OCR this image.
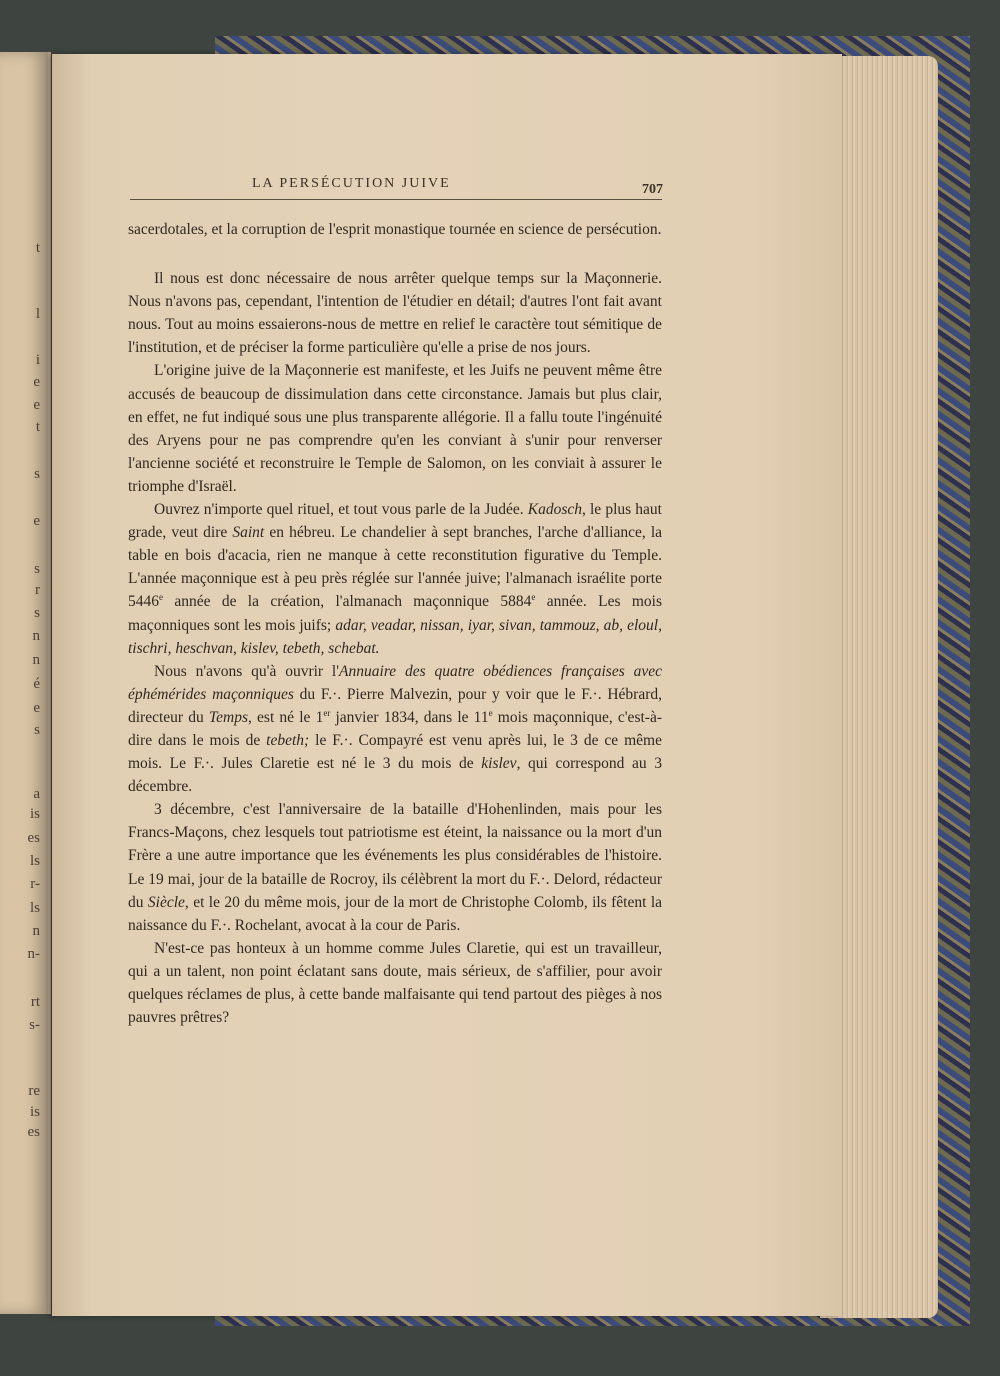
t
l
i
e
e
t
s
e
s
r
s
n
n
é
e
s
a
is
es
ls
r-
ls
n
n-
rt
s-
re
is
es
LA PERSÉCUTION JUIVE	707

sacerdotales, et la corruption de l'esprit monastique tournée en science de persécution.

Il nous est donc nécessaire de nous arrêter quelque temps sur la Maçonnerie. Nous n'avons pas, cependant, l'intention de l'étudier en détail; d'autres l'ont fait avant nous. Tout au moins essaierons-nous de mettre en relief le caractère tout sémitique de l'institution, et de préciser la forme particulière qu'elle a prise de nos jours.

L'origine juive de la Maçonnerie est manifeste, et les Juifs ne peuvent même être accusés de beaucoup de dissimulation dans cette circonstance. Jamais but plus clair, en effet, ne fut indiqué sous une plus transparente allégorie. Il a fallu toute l'ingénuité des Aryens pour ne pas comprendre qu'en les conviant à s'unir pour renverser l'ancienne société et reconstruire le Temple de Salomon, on les conviait à assurer le triomphe d'Israël.

Ouvrez n'importe quel rituel, et tout vous parle de la Judée. Kadosch, le plus haut grade, veut dire Saint en hébreu. Le chandelier à sept branches, l'arche d'alliance, la table en bois d'acacia, rien ne manque à cette reconstitution figurative du Temple. L'année maçonnique est à peu près réglée sur l'année juive; l'almanach israélite porte 5446e année de la création, l'almanach maçonnique 5884e année. Les mois maçonniques sont les mois juifs; adar, veadar, nissan, iyar, sivan, tammouz, ab, eloul, tischri, heschvan, kislev, tebeth, schebat.

Nous n'avons qu'à ouvrir l'Annuaire des quatre obédiences françaises avec éphémérides maçonniques du F.·. Pierre Malvezin, pour y voir que le F.·. Hébrard, directeur du Temps, est né le 1er janvier 1834, dans le 11e mois maçonnique, c'est-à-dire dans le mois de tebeth; le F.·. Compayré est venu après lui, le 3 de ce même mois. Le F.·. Jules Claretie est né le 3 du mois de kislev, qui correspond au 3 décembre.

3 décembre, c'est l'anniversaire de la bataille d'Hohenlinden, mais pour les Francs-Maçons, chez lesquels tout patriotisme est éteint, la naissance ou la mort d'un Frère a une autre importance que les événements les plus considérables de l'histoire. Le 19 mai, jour de la bataille de Rocroy, ils célèbrent la mort du F.·. Delord, rédacteur du Siècle, et le 20 du même mois, jour de la mort de Christophe Colomb, ils fêtent la naissance du F.·. Rochelant, avocat à la cour de Paris.

N'est-ce pas honteux à un homme comme Jules Claretie, qui est un travailleur, qui a un talent, non point éclatant sans doute, mais sérieux, de s'affilier, pour avoir quelques réclames de plus, à cette bande malfaisante qui tend partout des pièges à nos pauvres prêtres?
